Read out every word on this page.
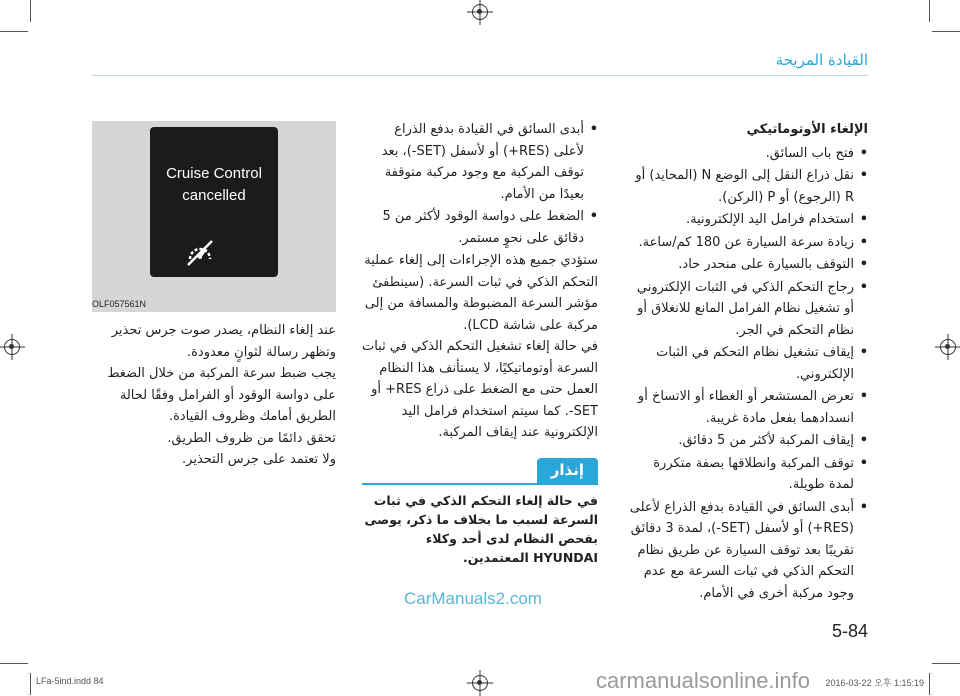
القيادة المريحة
الإلغاء الأوتوماتيكي
• فتح باب السائق.
• نقل ذراع النقل إلى الوضع N (المحايد) أو R (الرجوع) أو P (الركن).
• استخدام فرامل اليد الإلكترونية.
• زيادة سرعة السيارة عن 180 كم/ساعة.
• التوقف بالسيارة على منحدر حاد.
• رجاج التحكم الذكي في الثبات الإلكتروني أو تشغيل نظام الفرامل المانع للانغلاق أو نظام التحكم في الجر.
• إيقاف تشغيل نظام التحكم في الثبات الإلكتروني.
• تعرض المستشعر أو الغطاء أو الاتساخ أو انسدادهما بفعل مادة غريبة.
• إيقاف المركبة لأكثر من 5 دقائق.
• توقف المركبة وانطلاقها بصفة متكررة لمدة طويلة.
• أبدى السائق في القيادة بدفع الذراع لأعلى (RES+) أو لأسفل (SET-)، لمدة 3 دقائق تقريبًا بعد توقف السيارة عن طريق نظام التحكم الذكي في ثبات السرعة مع عدم وجود مركبة أخرى في الأمام.
• أبدى السائق في القيادة بدفع الذراع لأعلى (RES+) أو لأسفل (SET-)، بعد توقف المركبة مع وجود مركبة متوقفة بعيدًا من الأمام.
• الضغط على دواسة الوقود لأكثر من 5 دقائق على نحوٍ مستمر.

ستؤدي جميع هذه الإجراءات إلى إلغاء عملية التحكم الذكي في ثبات السرعة. (سينطفئ مؤشر السرعة المضبوطة والمسافة من إلى مركبة على شاشة LCD).

في حالة إلغاء تشغيل التحكم الذكي في ثبات السرعة أوتوماتيكيًا، لا يستأنف هذا النظام العمل حتى مع الضغط على ذراع RES+ أو SET-. كما سيتم استخدام فرامل اليد الإلكترونية عند إيقاف المركبة.

إنذار
في حالة إلغاء التحكم الذكي في ثبات السرعة لسبب ما بخلاف ما ذكر، يوصى بفحص النظام لدى أحد وكلاء HYUNDAI المعتمدين.
Cruise Control
cancelled
OLF057561N

عند إلغاء النظام، يصدر صوت جرس تحذير وتظهر رسالة لثوانٍ معدودة.

يجب ضبط سرعة المركبة من خلال الضغط على دواسة الوقود أو الفرامل وفقًا لحالة الطريق أمامك وظروف القيادة.

تحقق دائمًا من ظروف الطريق.

ولا تعتمد على جرس التحذير.

CarManuals2.com
5-84
LFa-5ind.indd 84	carmanualsonline.info 2016-03-22 오후 1:15:19
